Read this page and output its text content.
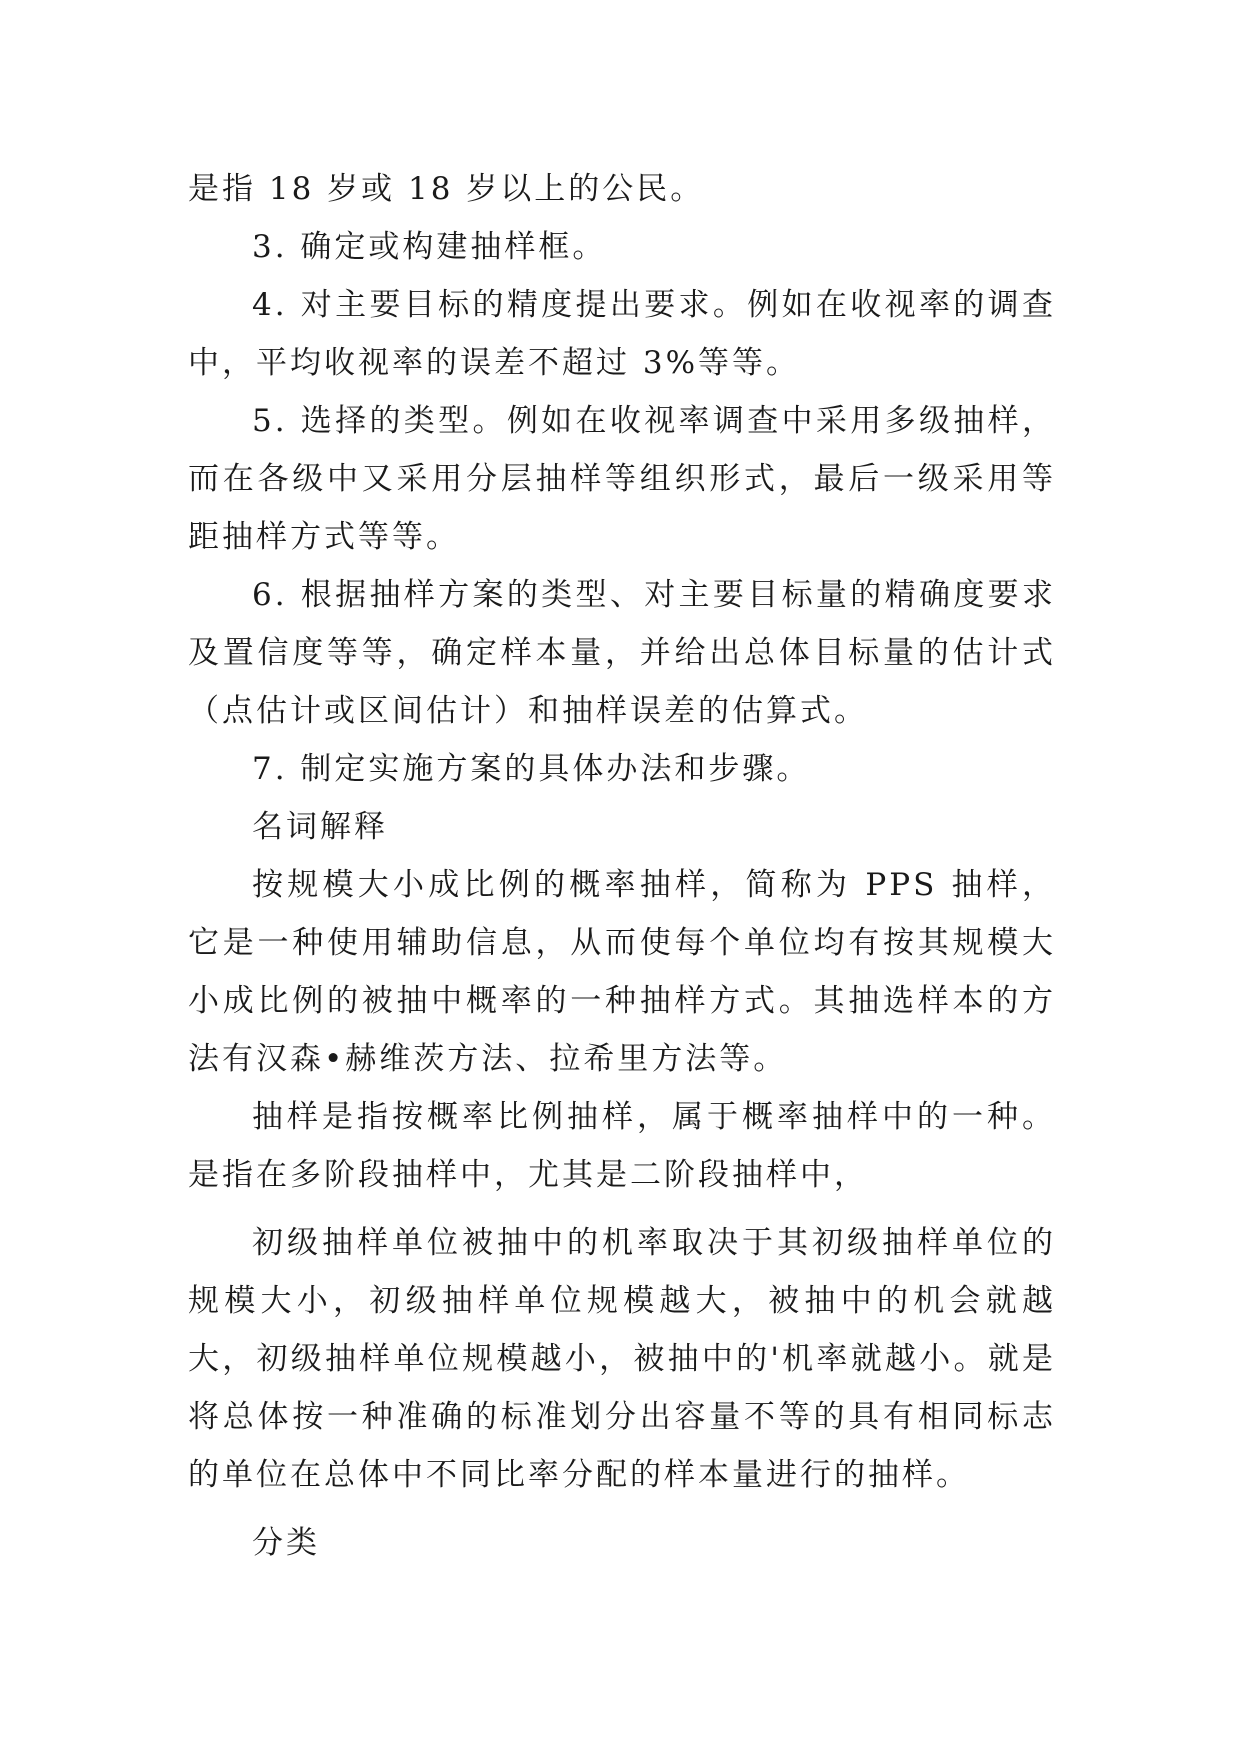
是指 18 岁或 18 岁以上的公民。

3. 确定或构建抽样框。

4. 对主要目标的精度提出要求。例如在收视率的调查中，平均收视率的误差不超过 3%等等。

5. 选择的类型。例如在收视率调查中采用多级抽样，而在各级中又采用分层抽样等组织形式，最后一级采用等距抽样方式等等。

6. 根据抽样方案的类型、对主要目标量的精确度要求及置信度等等，确定样本量，并给出总体目标量的估计式（点估计或区间估计）和抽样误差的估算式。

7. 制定实施方案的具体办法和步骤。

名词解释

按规模大小成比例的概率抽样，简称为 PPS 抽样，它是一种使用辅助信息，从而使每个单位均有按其规模大小成比例的被抽中概率的一种抽样方式。其抽选样本的方法有汉森•赫维茨方法、拉希里方法等。

抽样是指按概率比例抽样，属于概率抽样中的一种。是指在多阶段抽样中，尤其是二阶段抽样中，

初级抽样单位被抽中的机率取决于其初级抽样单位的规模大小，初级抽样单位规模越大，被抽中的机会就越大，初级抽样单位规模越小，被抽中的'机率就越小。就是将总体按一种准确的标准划分出容量不等的具有相同标志的单位在总体中不同比率分配的样本量进行的抽样。

分类
